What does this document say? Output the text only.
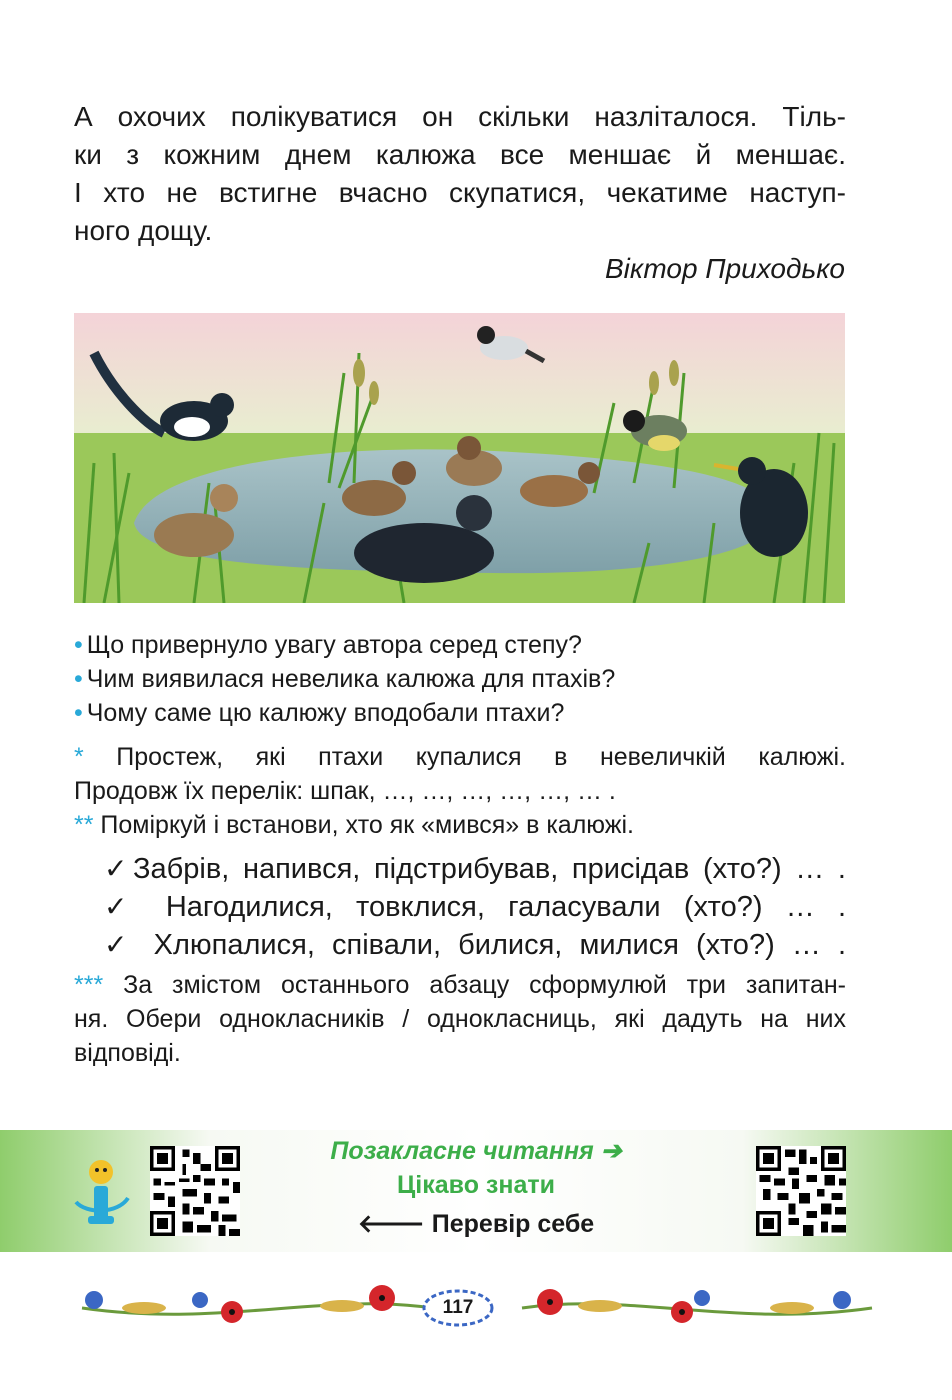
А охочих полікуватися он скільки назліталося. Тіль-
ки з кожним днем калюжа все меншає й меншає.
І хто не встигне вчасно скупатися, чекатиме наступ-
ного дощу.
Віктор Приходько
• Що привернуло увагу автора серед степу?
• Чим виявилася невелика калюжа для птахів?
• Чому саме цю калюжу вподобали птахи?
* Простеж, які птахи купалися в невеличкій калюжі.
Продовж їх перелік: шпак, …, …, …, …, …, … .
** Поміркуй і встанови, хто як «мився» в калюжі.
✓Забрів, напився, підстрибував, присідав (хто?) … .
✓ Нагодилися, товклися, галасували (хто?) … .
✓ Хлюпалися, співали, билися, милися (хто?) … .
*** За змістом останнього абзацу сформулюй три запитан-
ня. Обери однокласників / однокласниць, які дадуть на них
відповіді.
Позакласне читання ➔
Цікаво знати
🡐 Перевір себе
117
